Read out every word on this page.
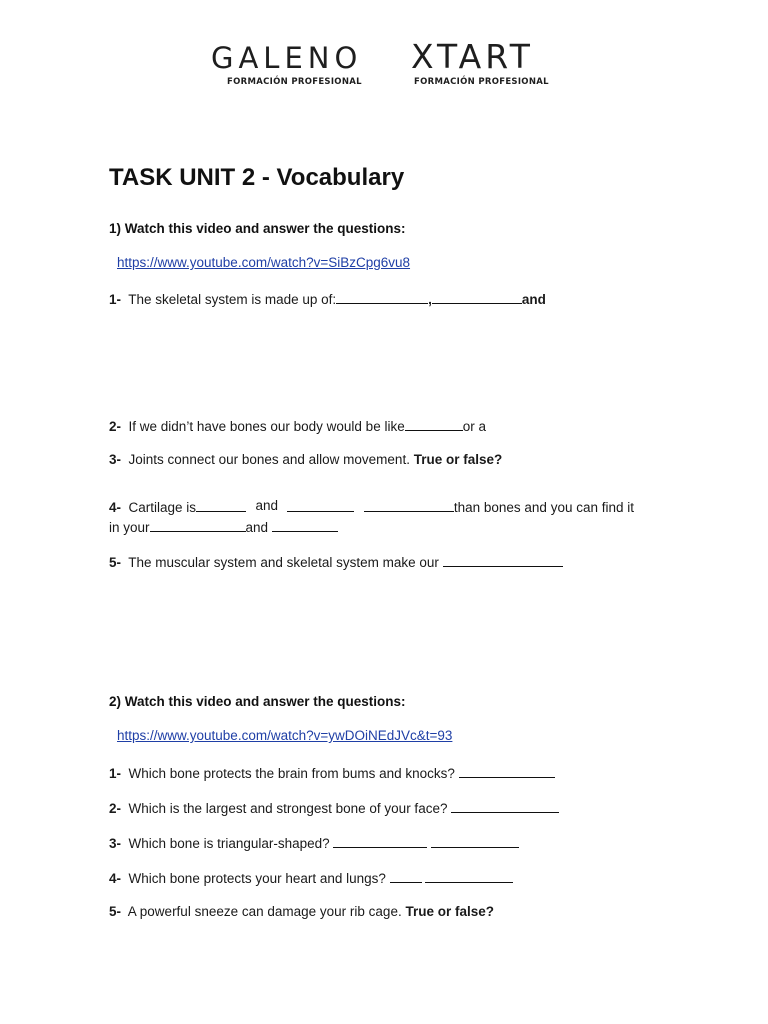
GALENO
FORMACIÓN PROFESIONAL
XTART
FORMACIÓN PROFESIONAL
TASK UNIT 2 - Vocabulary
1) Watch this video and answer the questions:
https://www.youtube.com/watch?v=SiBzCpg6vu8
1- The skeletal system is made up of:	,	and
2- If we didn’t have bones our body would be like	or a
3- Joints connect our bones and allow movement. True or false?
4- Cartilage is	and	than bones and you can find it
in your	and
5- The muscular system and skeletal system make our
2) Watch this video and answer the questions:
https://www.youtube.com/watch?v=ywDOiNEdJVc&t=93
1- Which bone protects the brain from bums and knocks?
2- Which is the largest and strongest bone of your face?
3- Which bone is triangular-shaped?
4- Which bone protects your heart and lungs?
5- A powerful sneeze can damage your rib cage. True or false?
